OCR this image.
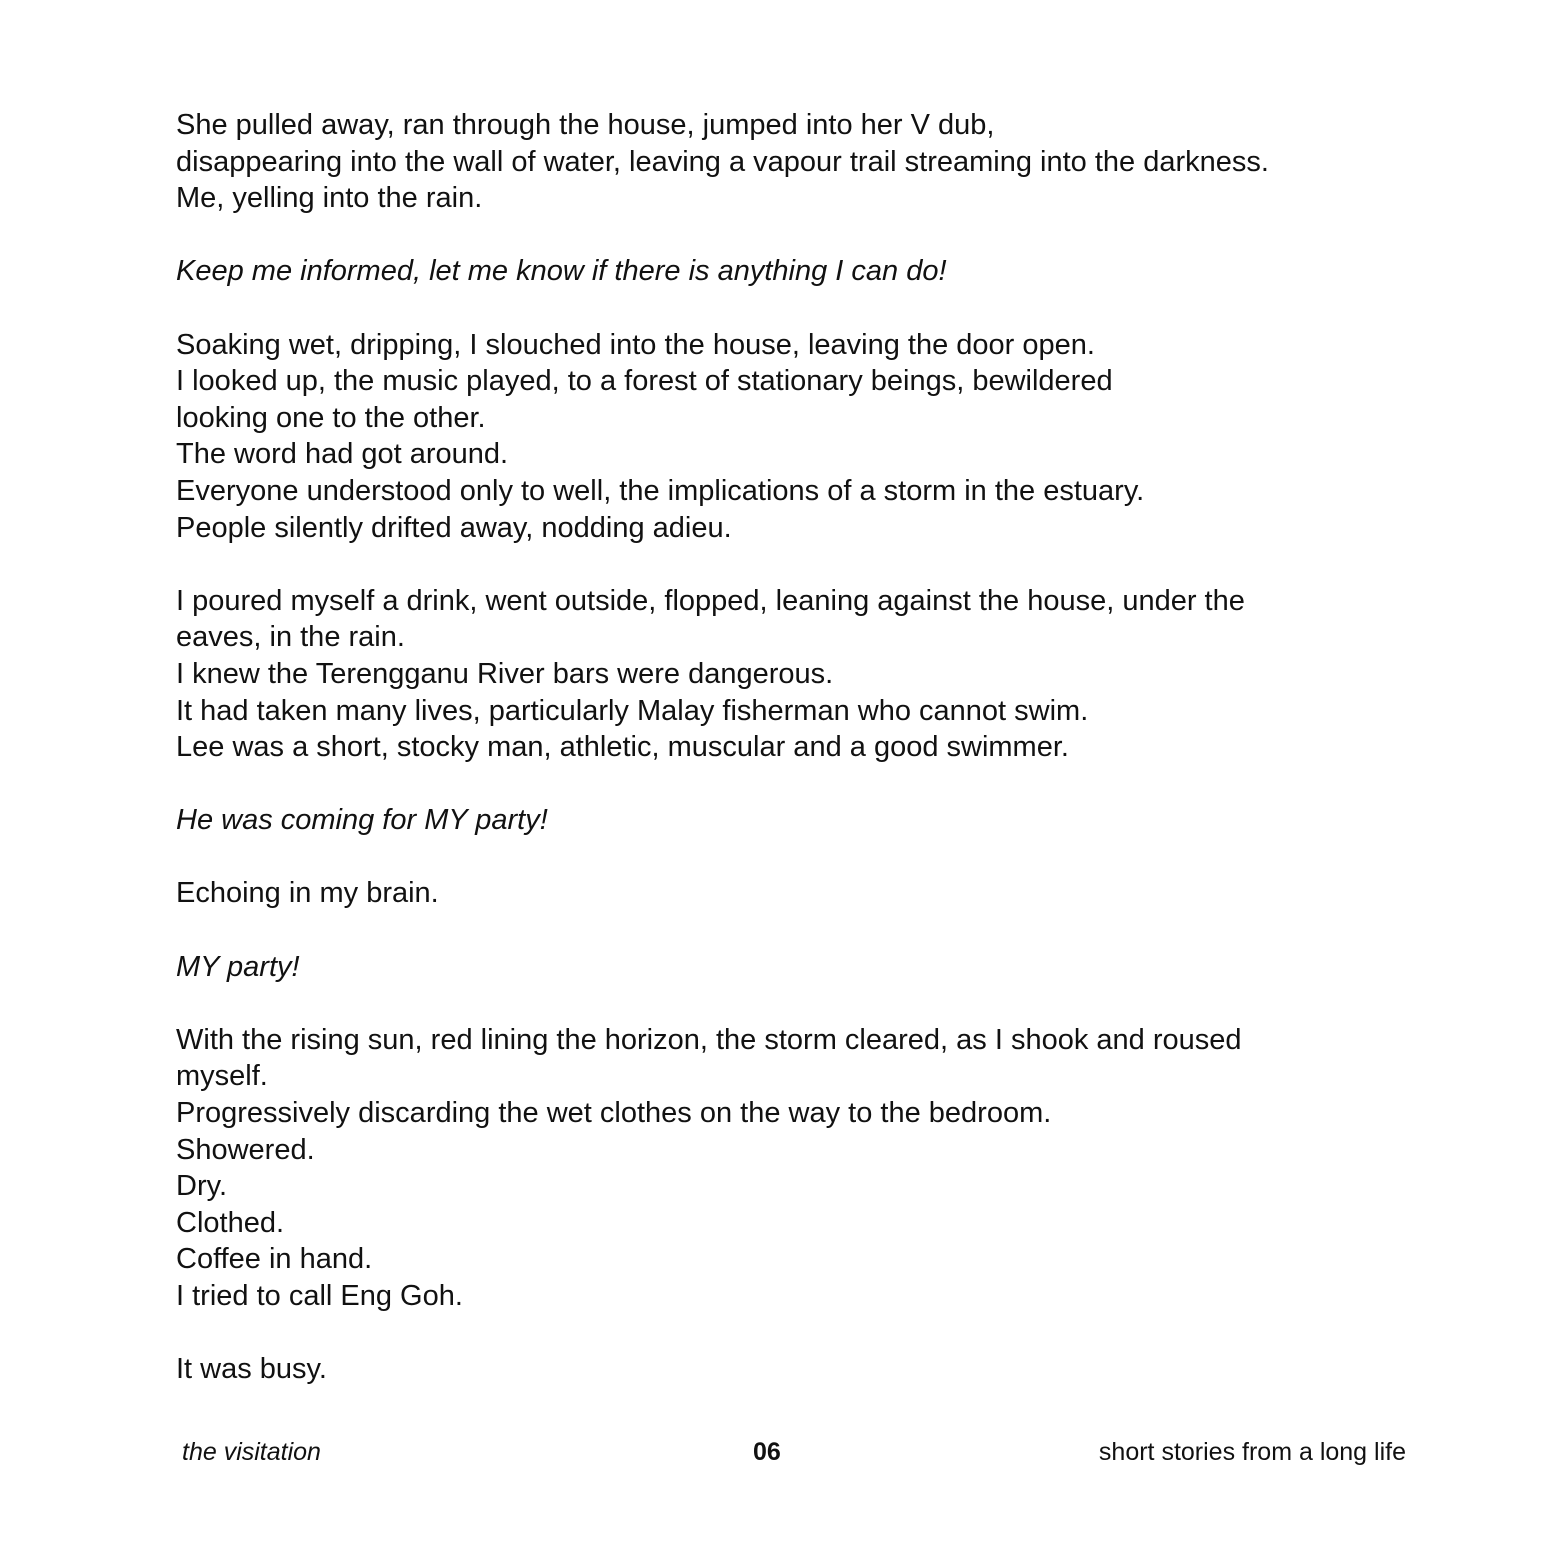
She pulled away, ran through the house, jumped into her V dub,
disappearing into the wall of water, leaving a vapour trail streaming into the darkness.
Me, yelling into the rain.

Keep me informed, let me know if there is anything I can do!

Soaking wet, dripping, I slouched into the house, leaving the door open.
I looked up, the music played, to a forest of stationary beings, bewildered
looking one to the other.
The word had got around.
Everyone understood only to well, the implications of a storm in the estuary.
People silently drifted away, nodding adieu.

I poured myself a drink, went outside, flopped, leaning against the house, under the
eaves, in the rain.
I knew the Terengganu River bars were dangerous.
It had taken many lives, particularly Malay fisherman who cannot swim.
Lee was a short, stocky man, athletic, muscular and a good swimmer.

He was coming for MY party!

Echoing in my brain.

MY party!

With the rising sun, red lining the horizon, the storm cleared, as I shook and roused
myself.
Progressively discarding the wet clothes on the way to the bedroom.
Showered.
Dry.
Clothed.
Coffee in hand.
I tried to call Eng Goh.

It was busy.

the visitation	06	short stories from a long life
